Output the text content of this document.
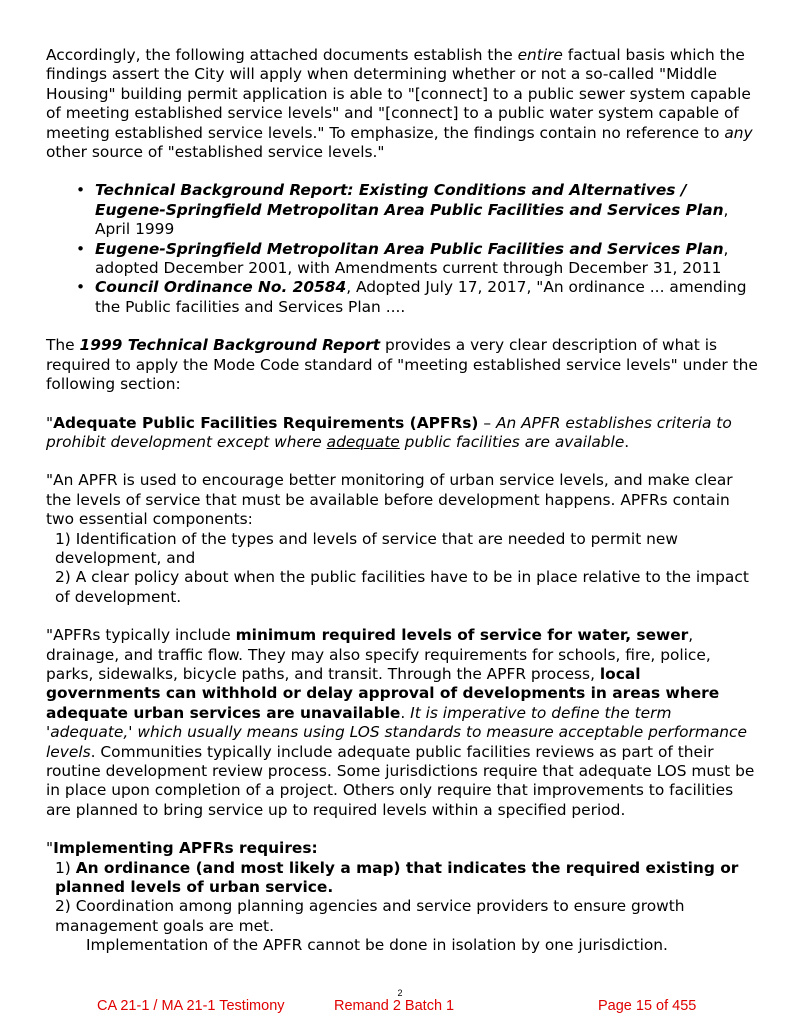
Accordingly, the following attached documents establish the entire factual basis which the findings assert the City will apply when determining whether or not a so-called "Middle Housing" building permit application is able to "[connect] to a public sewer system capable of meeting established service levels" and "[connect] to a public water system capable of meeting established service levels." To emphasize, the findings contain no reference to any other source of "established service levels."

• Technical Background Report: Existing Conditions and Alternatives / Eugene-Springfield Metropolitan Area Public Facilities and Services Plan, April 1999
• Eugene-Springfield Metropolitan Area Public Facilities and Services Plan, adopted December 2001, with Amendments current through December 31, 2011
• Council Ordinance No. 20584, Adopted July 17, 2017, "An ordinance ... amending the Public facilities and Services Plan ....

The 1999 Technical Background Report provides a very clear description of what is required to apply the Mode Code standard of "meeting established service levels" under the following section:

"Adequate Public Facilities Requirements (APFRs) – An APFR establishes criteria to prohibit development except where adequate public facilities are available.

"An APFR is used to encourage better monitoring of urban service levels, and make clear the levels of service that must be available before development happens. APFRs contain two essential components:

1) Identification of the types and levels of service that are needed to permit new development, and

2) A clear policy about when the public facilities have to be in place relative to the impact of development.

"APFRs typically include minimum required levels of service for water, sewer, drainage, and traffic flow. They may also specify requirements for schools, fire, police, parks, sidewalks, bicycle paths, and transit. Through the APFR process, local governments can withhold or delay approval of developments in areas where adequate urban services are unavailable. It is imperative to define the term 'adequate,' which usually means using LOS standards to measure acceptable performance levels. Communities typically include adequate public facilities reviews as part of their routine development review process. Some jurisdictions require that adequate LOS must be in place upon completion of a project. Others only require that improvements to facilities are planned to bring service up to required levels within a specified period.

"Implementing APFRs requires:

1) An ordinance (and most likely a map) that indicates the required existing or planned levels of urban service.

2) Coordination among planning agencies and service providers to ensure growth management goals are met.

Implementation of the APFR cannot be done in isolation by one jurisdiction.

2
CA 21-1 / MA 21-1 Testimony	Remand 2 Batch 1	Page 15 of 455
